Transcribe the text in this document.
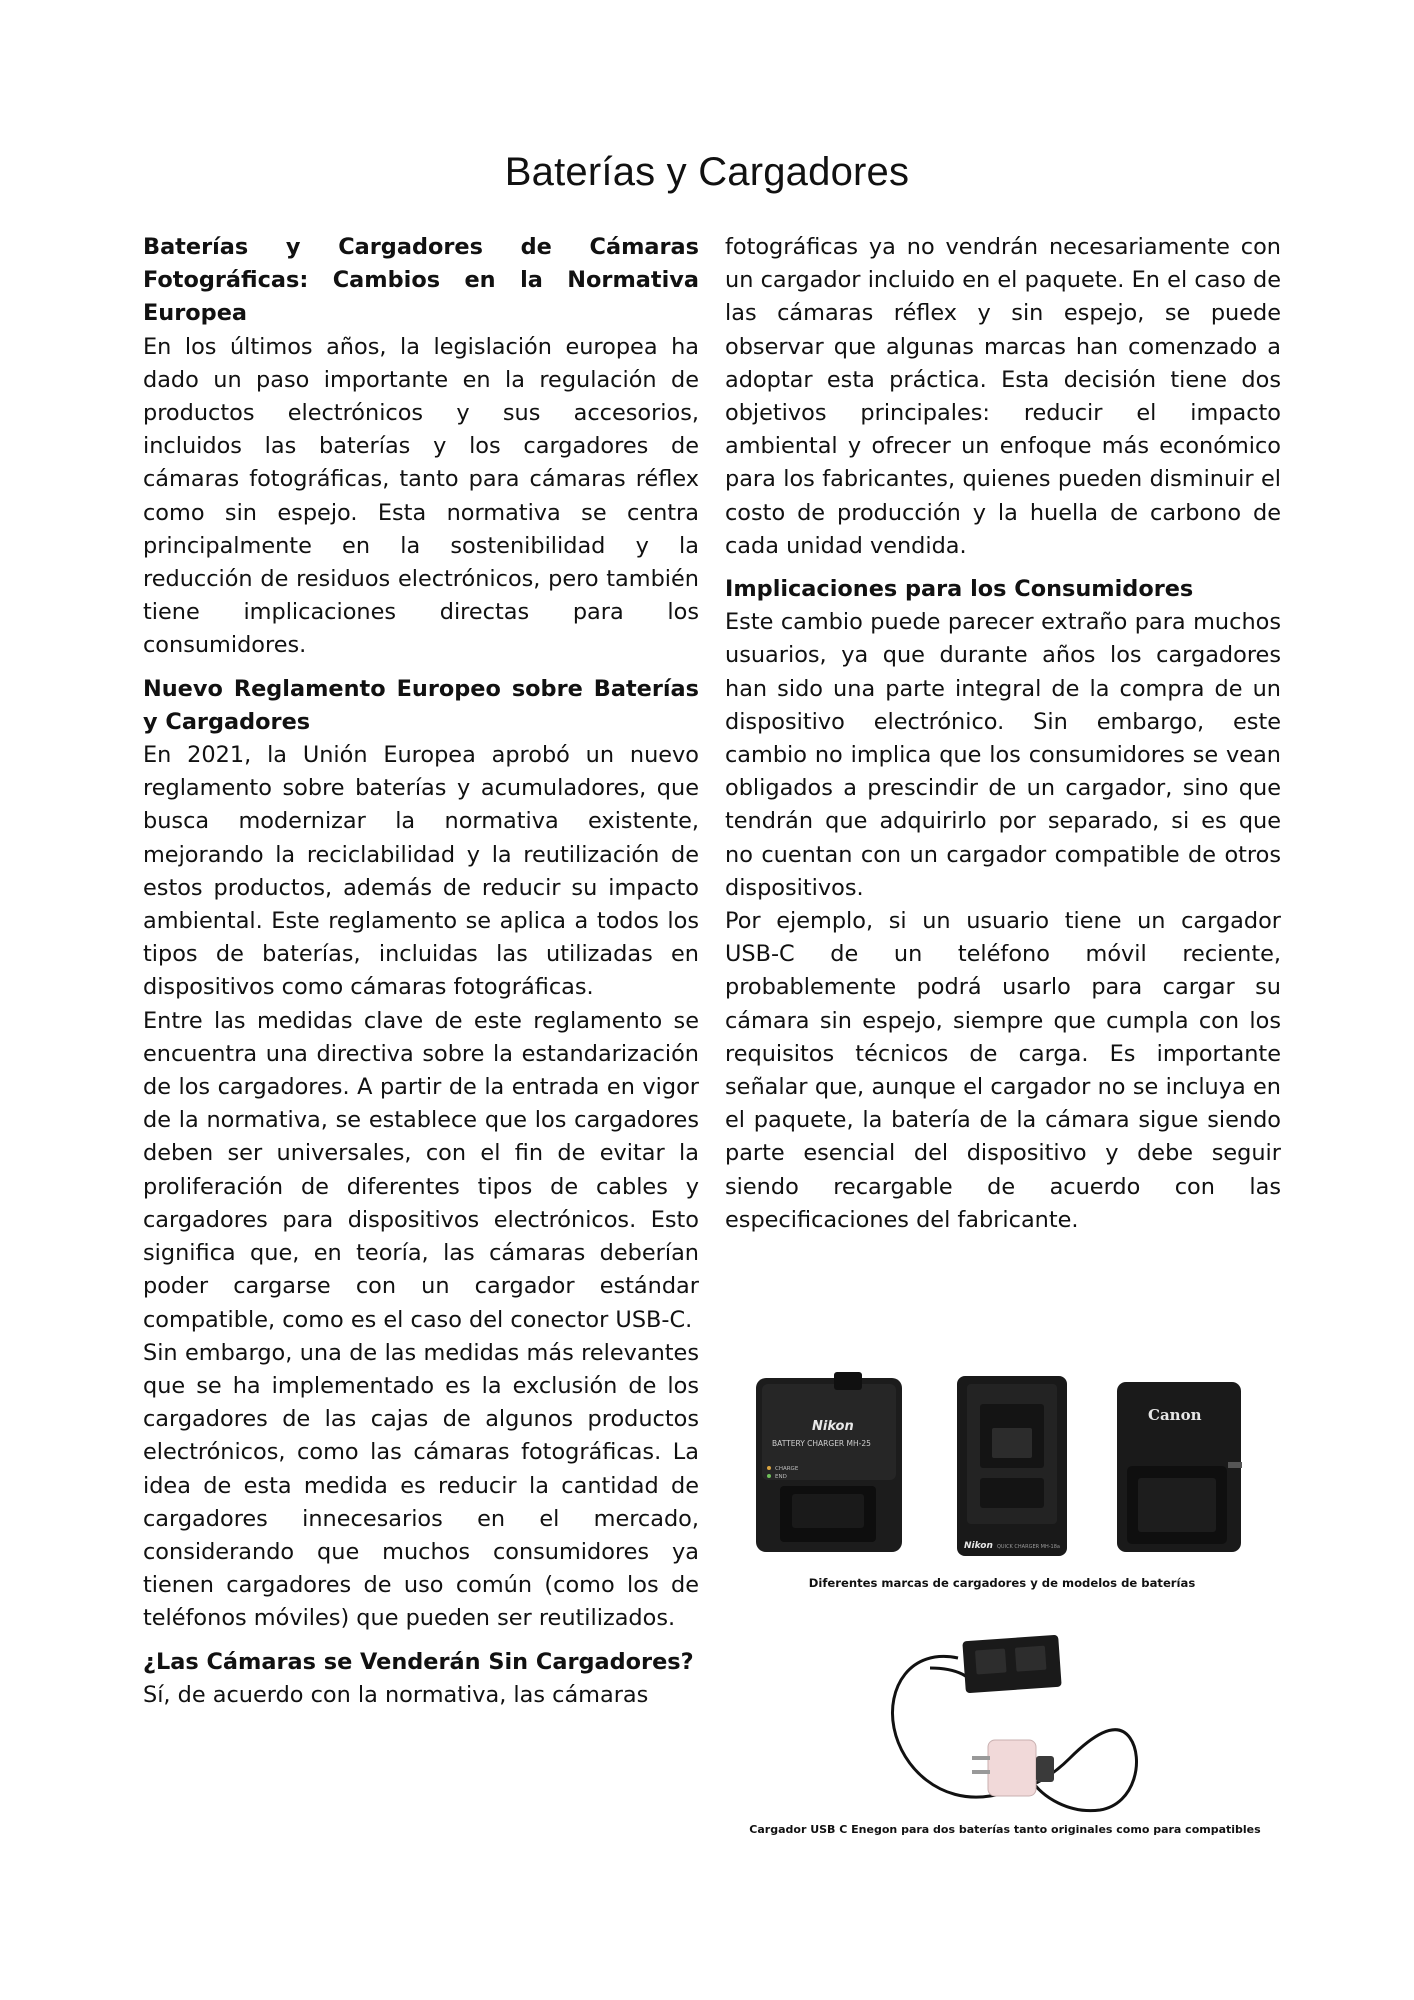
Baterías y Cargadores
Baterías y Cargadores de Cámaras Fotográficas: Cambios en la Normativa Europea

En los últimos años, la legislación europea ha dado un paso importante en la regulación de productos electrónicos y sus accesorios, incluidos las baterías y los cargadores de cámaras fotográficas, tanto para cámaras réflex como sin espejo. Esta normativa se centra principalmente en la sostenibilidad y la reducción de residuos electrónicos, pero también tiene implicaciones directas para los consumidores.

Nuevo Reglamento Europeo sobre Baterías y Cargadores

En 2021, la Unión Europea aprobó un nuevo reglamento sobre baterías y acumuladores, que busca modernizar la normativa existente, mejorando la reciclabilidad y la reutilización de estos productos, además de reducir su impacto ambiental. Este reglamento se aplica a todos los tipos de baterías, incluidas las utilizadas en dispositivos como cámaras fotográficas.

Entre las medidas clave de este reglamento se encuentra una directiva sobre la estandarización de los cargadores. A partir de la entrada en vigor de la normativa, se establece que los cargadores deben ser universales, con el fin de evitar la proliferación de diferentes tipos de cables y cargadores para dispositivos electrónicos. Esto significa que, en teoría, las cámaras deberían poder cargarse con un cargador estándar compatible, como es el caso del conector USB-C.

Sin embargo, una de las medidas más relevantes que se ha implementado es la exclusión de los cargadores de las cajas de algunos productos electrónicos, como las cámaras fotográficas. La idea de esta medida es reducir la cantidad de cargadores innecesarios en el mercado, considerando que muchos consumidores ya tienen cargadores de uso común (como los de teléfonos móviles) que pueden ser reutilizados.

¿Las Cámaras se Venderán Sin Cargadores?

Sí, de acuerdo con la normativa, las cámaras

fotográficas ya no vendrán necesariamente con un cargador incluido en el paquete. En el caso de las cámaras réflex y sin espejo, se puede observar que algunas marcas han comenzado a adoptar esta práctica. Esta decisión tiene dos objetivos principales: reducir el impacto ambiental y ofrecer un enfoque más económico para los fabricantes, quienes pueden disminuir el costo de producción y la huella de carbono de cada unidad vendida.

Implicaciones para los Consumidores

Este cambio puede parecer extraño para muchos usuarios, ya que durante años los cargadores han sido una parte integral de la compra de un dispositivo electrónico. Sin embargo, este cambio no implica que los consumidores se vean obligados a prescindir de un cargador, sino que tendrán que adquirirlo por separado, si es que no cuentan con un cargador compatible de otros dispositivos.

Por ejemplo, si un usuario tiene un cargador USB-C de un teléfono móvil reciente, probablemente podrá usarlo para cargar su cámara sin espejo, siempre que cumpla con los requisitos técnicos de carga. Es importante señalar que, aunque el cargador no se incluya en el paquete, la batería de la cámara sigue siendo parte esencial del dispositivo y debe seguir siendo recargable de acuerdo con las especificaciones del fabricante.

Nikon
BATTERY CHARGER MH-25
CHARGE
END
Nikon QUICK CHARGER MH-18a
Canon
Diferentes marcas de cargadores y de modelos de baterías
Cargador USB C Enegon para dos baterías tanto originales como para compatibles
